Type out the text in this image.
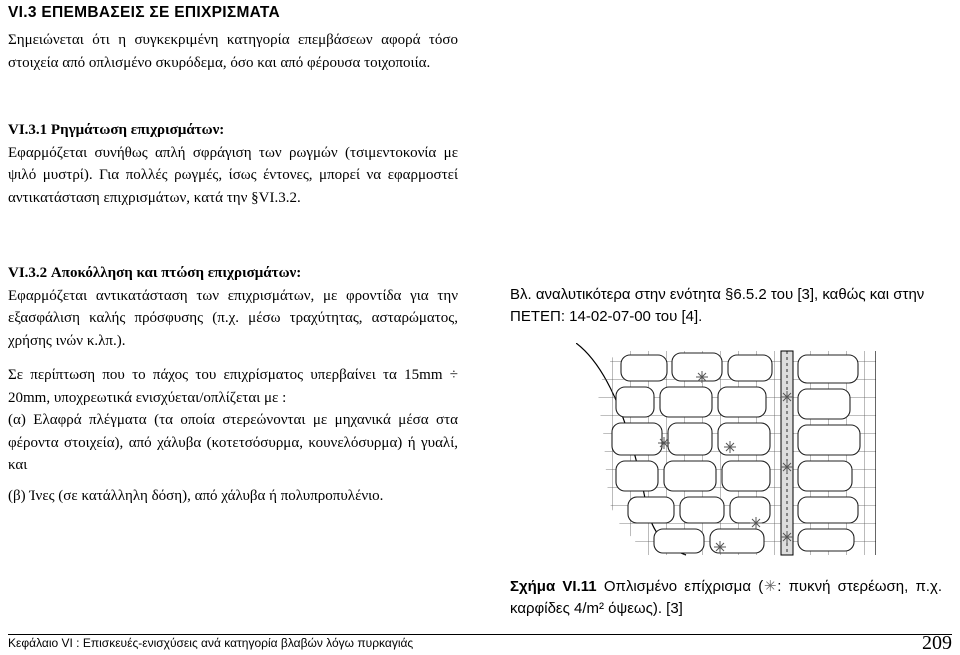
VI.3 ΕΠΕΜΒΑΣΕΙΣ ΣΕ ΕΠΙΧΡΙΣΜΑΤΑ

Σημειώνεται ότι η συγκεκριμένη κατηγορία επεμβάσεων αφορά τόσο στοιχεία από οπλισμένο σκυρόδεμα, όσο και από φέρουσα τοιχοποιία.

VI.3.1 Ρηγμάτωση επιχρισμάτων:

Εφαρμόζεται συνήθως απλή σφράγιση των ρωγμών (τσιμεντοκονία με ψιλό μυστρί). Για πολλές ρωγμές, ίσως έντονες, μπορεί να εφαρμοστεί αντικατάσταση επιχρισμάτων, κατά την §VI.3.2.

VI.3.2 Αποκόλληση και πτώση επιχρισμάτων:

Εφαρμόζεται αντικατάσταση των επιχρισμάτων, με φροντίδα για την εξασφάλιση καλής πρόσφυσης (π.χ. μέσω τραχύτητας, ασταρώματος, χρήσης ινών κ.λπ.).

Σε περίπτωση που το πάχος του επιχρίσματος υπερβαίνει τα 15mm ÷ 20mm, υποχρεωτικά ενισχύεται/οπλίζεται με :

(α) Ελαφρά πλέγματα (τα οποία στερεώνονται με μηχανικά μέσα στα φέροντα στοιχεία), από χάλυβα (κοτετσόσυρμα, κουνελόσυρμα) ή γυαλί, και

(β) Ίνες (σε κατάλληλη δόση), από χάλυβα ή πολυπροπυλένιο.

Βλ. αναλυτικότερα στην ενότητα §6.5.2 του [3], καθώς και στην ΠΕΤΕΠ: 14-02-07-00 του [4].
Σχήμα VI.11 Οπλισμένο επίχρισμα (✳: πυκνή στερέωση, π.χ. καρφίδες 4/m² όψεως). [3]
Κεφάλαιο VI : Επισκευές-ενισχύσεις ανά κατηγορία βλαβών λόγω πυρκαγιάς	209
